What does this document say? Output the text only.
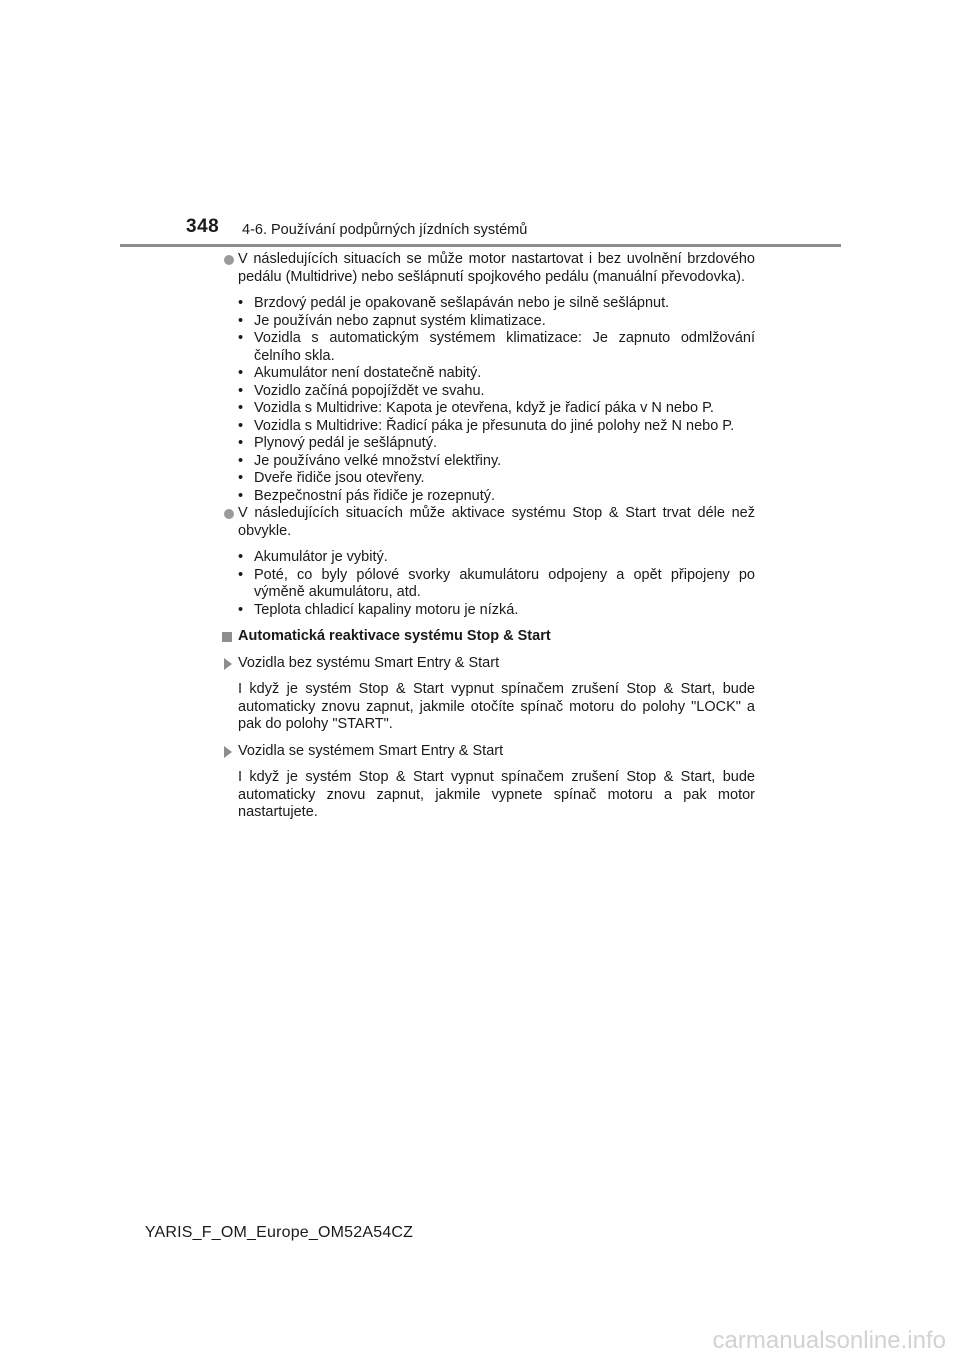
348 4-6. Používání podpůrných jízdních systémů
V následujících situacích se může motor nastartovat i bez uvolnění brzdového pedálu (Multidrive) nebo sešlápnutí spojkového pedálu (manuální převodovka).
• Brzdový pedál je opakovaně sešlapáván nebo je silně sešlápnut.
• Je používán nebo zapnut systém klimatizace.
• Vozidla s automatickým systémem klimatizace: Je zapnuto odmlžování čelního skla.
• Akumulátor není dostatečně nabitý.
• Vozidlo začíná popojíždět ve svahu.
• Vozidla s Multidrive: Kapota je otevřena, když je řadicí páka v N nebo P.
• Vozidla s Multidrive: Řadicí páka je přesunuta do jiné polohy než N nebo P.
• Plynový pedál je sešlápnutý.
• Je používáno velké množství elektřiny.
• Dveře řidiče jsou otevřeny.
• Bezpečnostní pás řidiče je rozepnutý.
V následujících situacích může aktivace systému Stop & Start trvat déle než obvykle.
• Akumulátor je vybitý.
• Poté, co byly pólové svorky akumulátoru odpojeny a opět připojeny po výměně akumulátoru, atd.
• Teplota chladicí kapaliny motoru je nízká.
Automatická reaktivace systému Stop & Start
Vozidla bez systému Smart Entry & Start
I když je systém Stop & Start vypnut spínačem zrušení Stop & Start, bude automaticky znovu zapnut, jakmile otočíte spínač motoru do polohy "LOCK" a pak do polohy "START".
Vozidla se systémem Smart Entry & Start
I když je systém Stop & Start vypnut spínačem zrušení Stop & Start, bude automaticky znovu zapnut, jakmile vypnete spínač motoru a pak motor nastartujete.
YARIS_F_OM_Europe_OM52A54CZ
carmanualsonline.info
